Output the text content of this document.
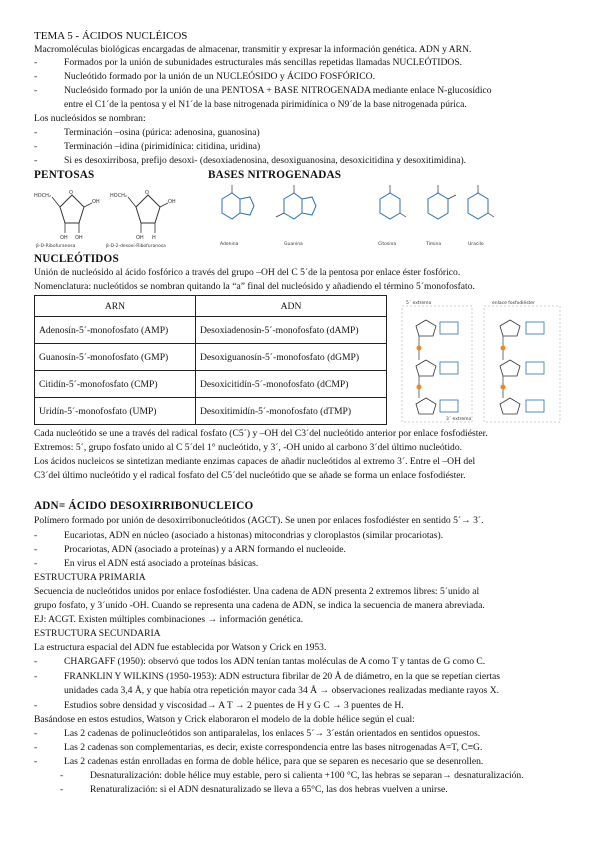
TEMA 5 - ÁCIDOS NUCLÉICOS
Macromoléculas biológicas encargadas de almacenar, transmitir y expresar la información genética. ADN y ARN.
- Formados por la unión de subunidades estructurales más sencillas repetidas llamadas NUCLEÓTIDOS.
- Nucleótido formado por la unión de un NUCLEÓSIDO y ÁCIDO FOSFÓRICO.
- Nucleósido formado por la unión de una PENTOSA + BASE NITROGENADA mediante enlace N-glucosídico
entre el C1´de la pentosa y el N1´de la base nitrogenada pirimidínica o N9´de la base nitrogenada púrica.
Los nucleósidos se nombran:
- Terminación –osina (púrica: adenosina, guanosina)
- Terminación –idina (pirimidínica: citidina, uridina)
- Si es desoxirribosa, prefijo desoxi- (desoxiadenosina, desoxiguanosina, desoxicitidina y desoxitimidina).
PENTOSAS	BASES NITROGENADAS
HOCH₂	O
OH
OH OH
HOCH₂	O
OH
OH H
β-D-Ribofuranosa	β-D-2-desoxi-Ribofuranosa	Adenina	Guanina	Citosina	Timina	Uracilo
NUCLEÓTIDOS
Unión de nucleósido al ácido fosfórico a través del grupo –OH del C 5´de la pentosa por enlace éster fosfórico.
Nomenclatura: nucleótidos se nombran quitando la “a” final del nucleósido y añadiendo el término 5´monofosfato.
ARN	ADN
Adenosín-5´-monofosfato (AMP)	Desoxiadenosín-5´-monofosfato (dAMP)
Guanosín-5´-monofosfato (GMP)	Desoxiguanosín-5´-monofosfato (dGMP)
Citidín-5´-monofosfato (CMP)	Desoxicitidín-5´-monofosfato (dCMP)
Uridín-5´-monofosfato (UMP)	Desoxitimidín-5´-monofosfato (dTMP)
5´ extremo	enlace fosfodiéster
3´ extremo
Cada nucleótido se une a través del radical fosfato (C5´) y –OH del C3´del nucleótido anterior por enlace fosfodiéster.
Extremos: 5´, grupo fosfato unido al C 5´del 1° nucleótido, y 3´, -OH unido al carbono 3´del último nucleótido.
Los ácidos nucleicos se sintetizan mediante enzimas capaces de añadir nucleótidos al extremo 3´. Entre el –OH del
C3´del último nucleótido y el radical fosfato del C5´del nucleótido que se añade se forma un enlace fosfodiéster.
ADN= ÁCIDO DESOXIRRIBONUCLEICO
Polímero formado por unión de desoxirribonucleótidos (AGCT). Se unen por enlaces fosfodiéster en sentido 5´→ 3´.
- Eucariotas, ADN en núcleo (asociado a histonas) mitocondrias y cloroplastos (similar procariotas).
- Procariotas, ADN (asociado a proteínas) y a ARN formando el nucleoide.
- En virus el ADN está asociado a proteínas básicas.
ESTRUCTURA PRIMARIA
Secuencia de nucleótidos unidos por enlace fosfodiéster. Una cadena de ADN presenta 2 extremos libres: 5´unido al
grupo fosfato, y 3´unido -OH. Cuando se representa una cadena de ADN, se indica la secuencia de manera abreviada.
EJ: ACGT. Existen múltiples combinaciones → información genética.
ESTRUCTURA SECUNDARIA
La estructura espacial del ADN fue establecida por Watson y Crick en 1953.
- CHARGAFF (1950): observó que todos los ADN tenían tantas moléculas de A como T y tantas de G como C.
- FRANKLIN Y WILKINS (1950-1953): ADN estructura fibrilar de 20 Å de diámetro, en la que se repetían ciertas
unidades cada 3,4 Å, y que había otra repetición mayor cada 34 Å → observaciones realizadas mediante rayos X.
- Estudios sobre densidad y viscosidad→ A T → 2 puentes de H y G C → 3 puentes de H.
Basándose en estos estudios, Watson y Crick elaboraron el modelo de la doble hélice según el cual:
- Las 2 cadenas de polinucleótidos son antiparalelas, los enlaces 5´→ 3´están orientados en sentidos opuestos.
- Las 2 cadenas son complementarias, es decir, existe correspondencia entre las bases nitrogenadas A=T, C≡G.
- Las 2 cadenas están enrolladas en forma de doble hélice, para que se separen es necesario que se desenrollen.
- Desnaturalización: doble hélice muy estable, pero si calienta +100 °C, las hebras se separan→ desnaturalización.
- Renaturalización: si el ADN desnaturalizado se lleva a 65°C, las dos hebras vuelven a unirse.
